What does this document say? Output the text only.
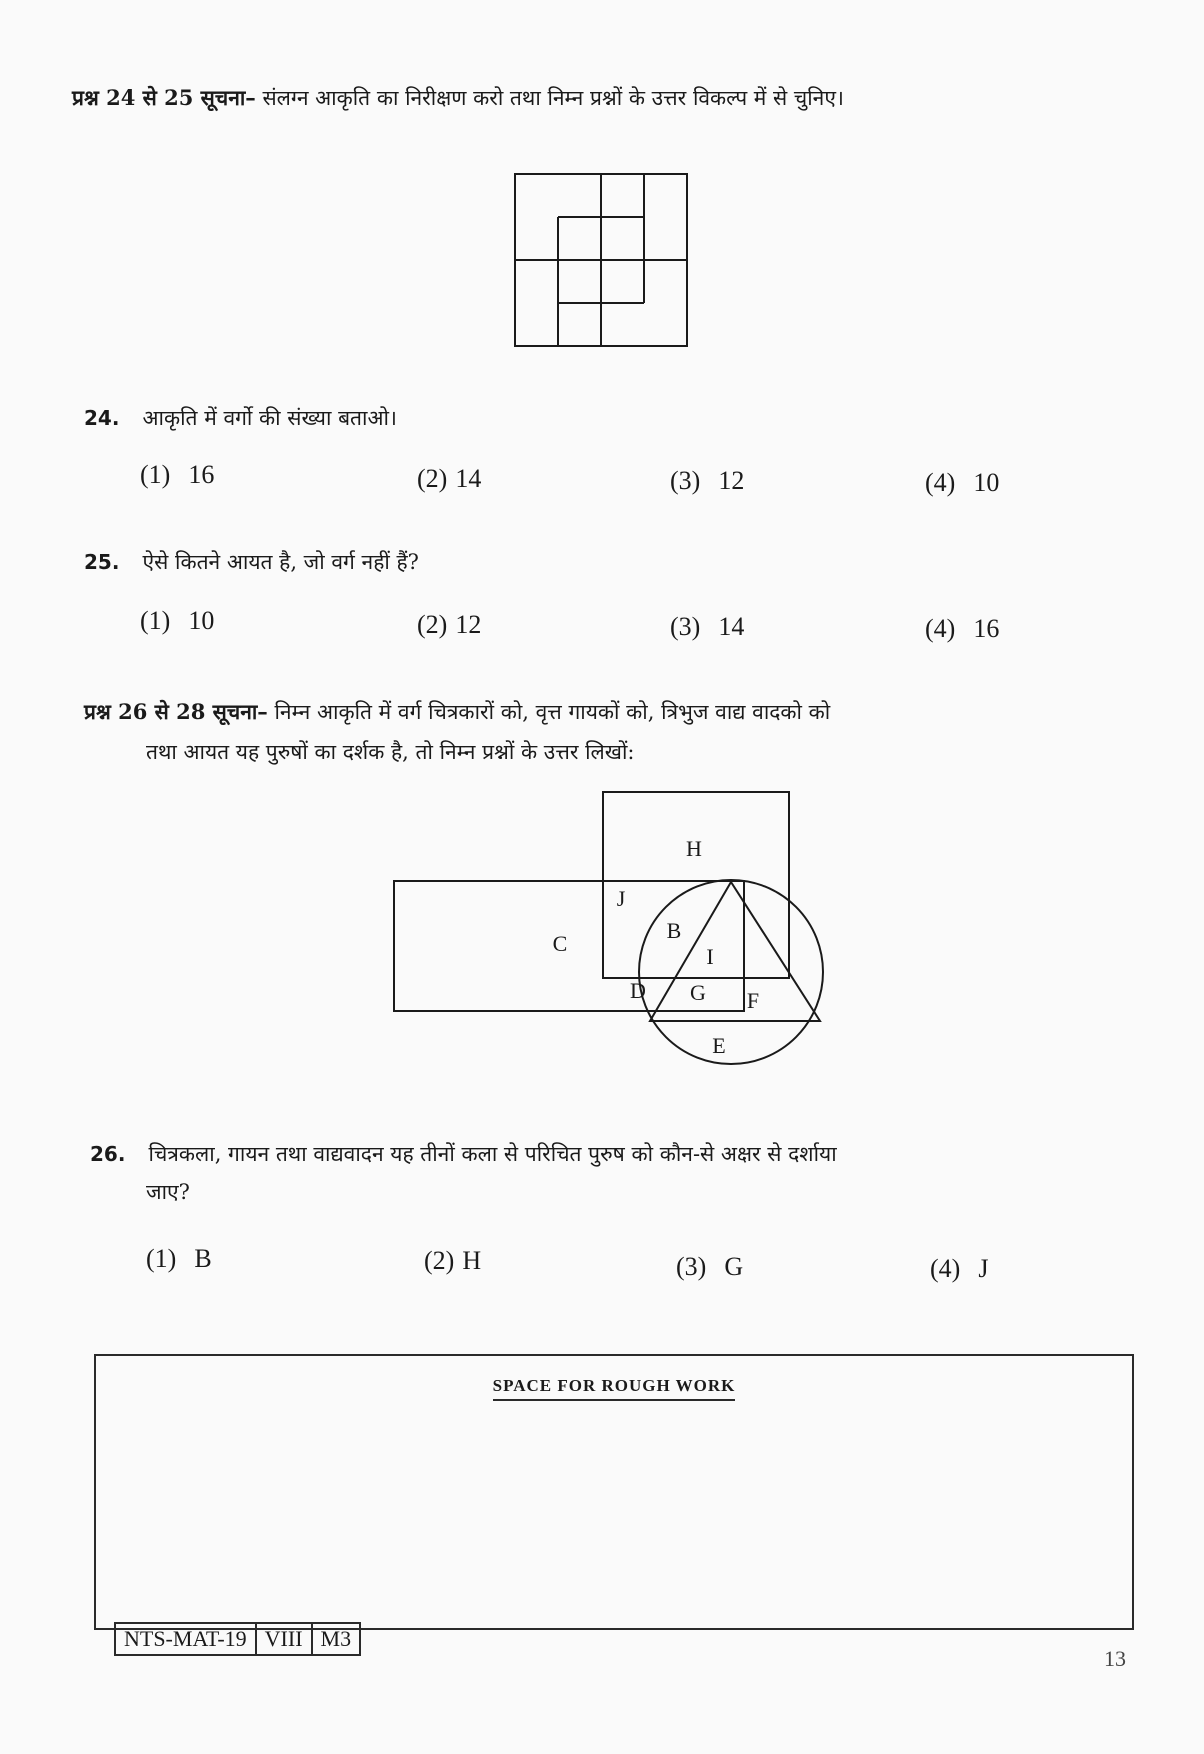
प्रश्न 24 से 25 सूचना– संलग्न आकृति का निरीक्षण करो तथा निम्न प्रश्नों के उत्तर विकल्प में से चुनिए।
24. आकृति में वर्गो की संख्या बताओ।
(1) 16	(2) 14	(3) 12	(4) 10
25. ऐसे कितने आयत है, जो वर्ग नहीं हैं?
(1) 10	(2) 12	(3) 14	(4) 16
प्रश्न 26 से 28 सूचना– निम्न आकृति में वर्ग चित्रकारों को, वृत्त गायकों को, त्रिभुज वाद्य वादको को
तथा आयत यह पुरुषों का दर्शक है, तो निम्न प्रश्नों के उत्तर लिखों:
H
J
C
B
I
D G F
E
26. चित्रकला, गायन तथा वाद्यवादन यह तीनों कला से परिचित पुरुष को कौन-से अक्षर से दर्शाया
जाए?
(1) B	(2) H	(3) G	(4) J
SPACE FOR ROUGH WORK
NTS-MAT-19	VIII	M3
13
